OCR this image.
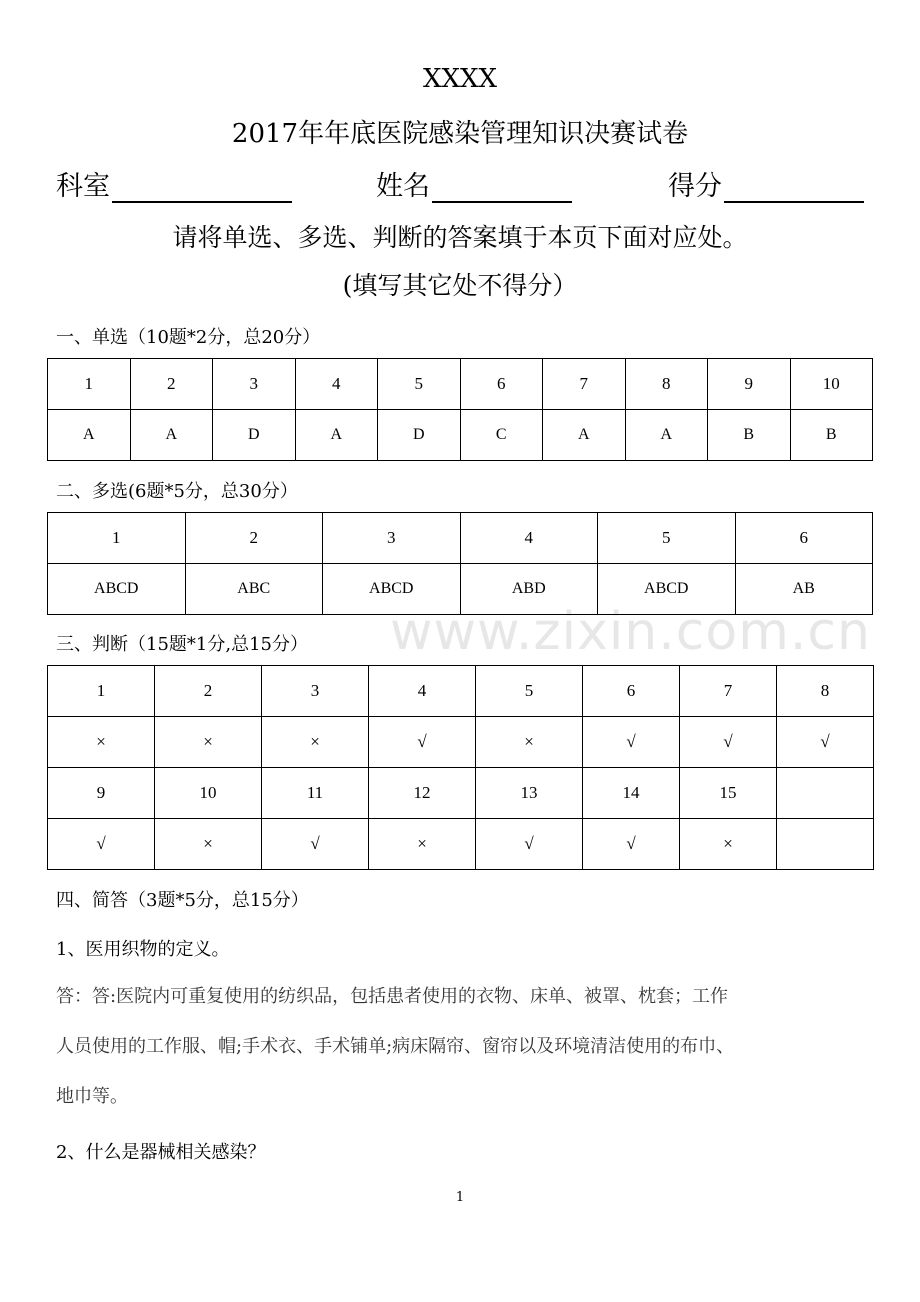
www.zixin.com.cn
XXXX
2017年年底医院感染管理知识决赛试卷
科室	姓名	得分
请将单选、多选、判断的答案填于本页下面对应处。
(填写其它处不得分）
一、单选（10题*2分，总20分）
1	2	3	4	5	6	7	8	9	10
A	A	D	A	D	C	A	A	B	B
二、多选(6题*5分，总30分）
1	2	3	4	5	6
ABCD	ABC	ABCD	ABD	ABCD	AB
三、判断（15题*1分,总15分）
1	2	3	4	5	6	7	8
×	×	×	√	×	√	√	√
9	10	11	12	13	14	15	
√	×	√	×	√	√	×	
四、简答（3题*5分，总15分）
1、医用织物的定义。
答：答:医院内可重复使用的纺织品，包括患者使用的衣物、床单、被罩、枕套；工作
人员使用的工作服、帽;手术衣、手术铺单;病床隔帘、窗帘以及环境清洁使用的布巾、
地巾等。
2、什么是器械相关感染？
1
